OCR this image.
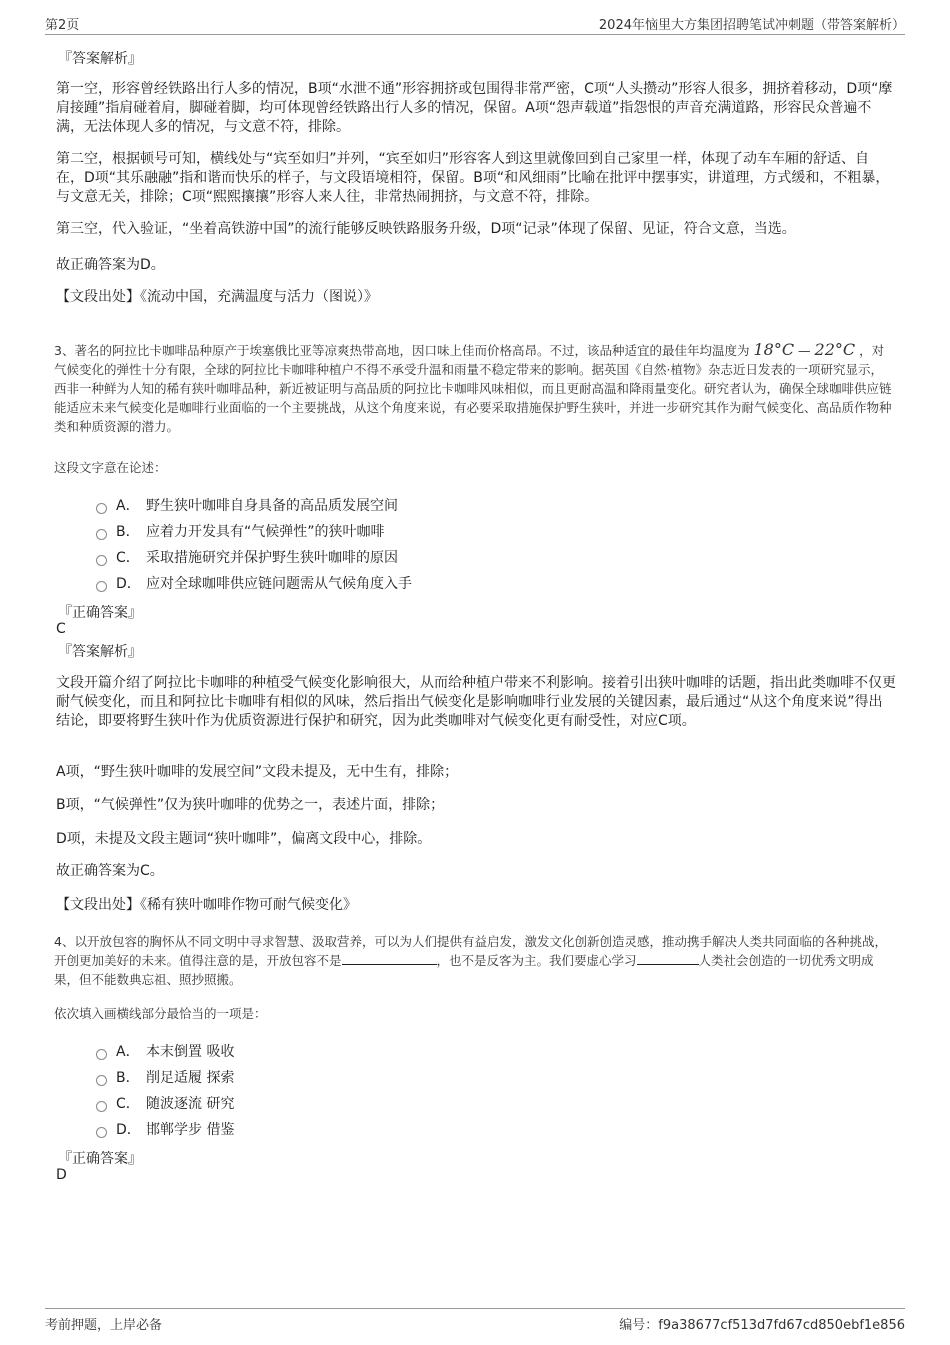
第2页	2024年恼里大方集团招聘笔试冲刺题（带答案解析）
『答案解析』

第一空，形容曾经铁路出行人多的情况，B项“水泄不通”形容拥挤或包围得非常严密，C项“人头攒动”形容人很多，拥挤着移动，D项“摩肩接踵”指肩碰着肩，脚碰着脚，均可体现曾经铁路出行人多的情况，保留。A项“怨声载道”指怨恨的声音充满道路，形容民众普遍不满，无法体现人多的情况，与文意不符，排除。

第二空，根据顿号可知，横线处与“宾至如归”并列，“宾至如归”形容客人到这里就像回到自己家里一样，体现了动车车厢的舒适、自在，D项“其乐融融”指和谐而快乐的样子，与文段语境相符，保留。B项“和风细雨”比喻在批评中摆事实，讲道理，方式缓和，不粗暴，与文意无关，排除；C项“熙熙攘攘”形容人来人往，非常热闹拥挤，与文意不符，排除。

第三空，代入验证，“坐着高铁游中国”的流行能够反映铁路服务升级，D项“记录”体现了保留、见证，符合文意，当选。

故正确答案为D。

【文段出处】《流动中国，充满温度与活力（图说）》

3、著名的阿拉比卡咖啡品种原产于埃塞俄比亚等凉爽热带高地，因口味上佳而价格高昂。不过，该品种适宜的最佳年均温度为 18°C — 22°C ，对气候变化的弹性十分有限，全球的阿拉比卡咖啡种植户不得不承受升温和雨量不稳定带来的影响。据英国《自然·植物》杂志近日发表的一项研究显示，西非一种鲜为人知的稀有狭叶咖啡品种，新近被证明与高品质的阿拉比卡咖啡风味相似，而且更耐高温和降雨量变化。研究者认为，确保全球咖啡供应链能适应未来气候变化是咖啡行业面临的一个主要挑战，从这个角度来说，有必要采取措施保护野生狭叶，并进一步研究其作为耐气候变化、高品质作物种类和种质资源的潜力。

这段文字意在论述：

A． 野生狭叶咖啡自身具备的高品质发展空间
B． 应着力开发具有“气候弹性”的狭叶咖啡
C． 采取措施研究并保护野生狭叶咖啡的原因
D． 应对全球咖啡供应链问题需从气候角度入手
『正确答案』
C
『答案解析』

文段开篇介绍了阿拉比卡咖啡的种植受气候变化影响很大，从而给种植户带来不利影响。接着引出狭叶咖啡的话题，指出此类咖啡不仅更耐气候变化，而且和阿拉比卡咖啡有相似的风味，然后指出气候变化是影响咖啡行业发展的关键因素，最后通过“从这个角度来说”得出结论，即要将野生狭叶作为优质资源进行保护和研究，因为此类咖啡对气候变化更有耐受性，对应C项。

A项，“野生狭叶咖啡的发展空间”文段未提及，无中生有，排除；

B项，“气候弹性”仅为狭叶咖啡的优势之一，表述片面，排除；

D项，未提及文段主题词“狭叶咖啡”，偏离文段中心，排除。

故正确答案为C。

【文段出处】《稀有狭叶咖啡作物可耐气候变化》

4、以开放包容的胸怀从不同文明中寻求智慧、汲取营养，可以为人们提供有益启发，激发文化创新创造灵感，推动携手解决人类共同面临的各种挑战，开创更加美好的未来。值得注意的是，开放包容不是	，也不是反客为主。我们要虚心学习	人类社会创造的一切优秀文明成果，但不能数典忘祖、照抄照搬。

依次填入画横线部分最恰当的一项是：

A． 本末倒置 吸收
B． 削足适履 探索
C． 随波逐流 研究
D． 邯郸学步 借鉴
『正确答案』
D
考前押题，上岸必备	编号：f9a38677cf513d7fd67cd850ebf1e856
